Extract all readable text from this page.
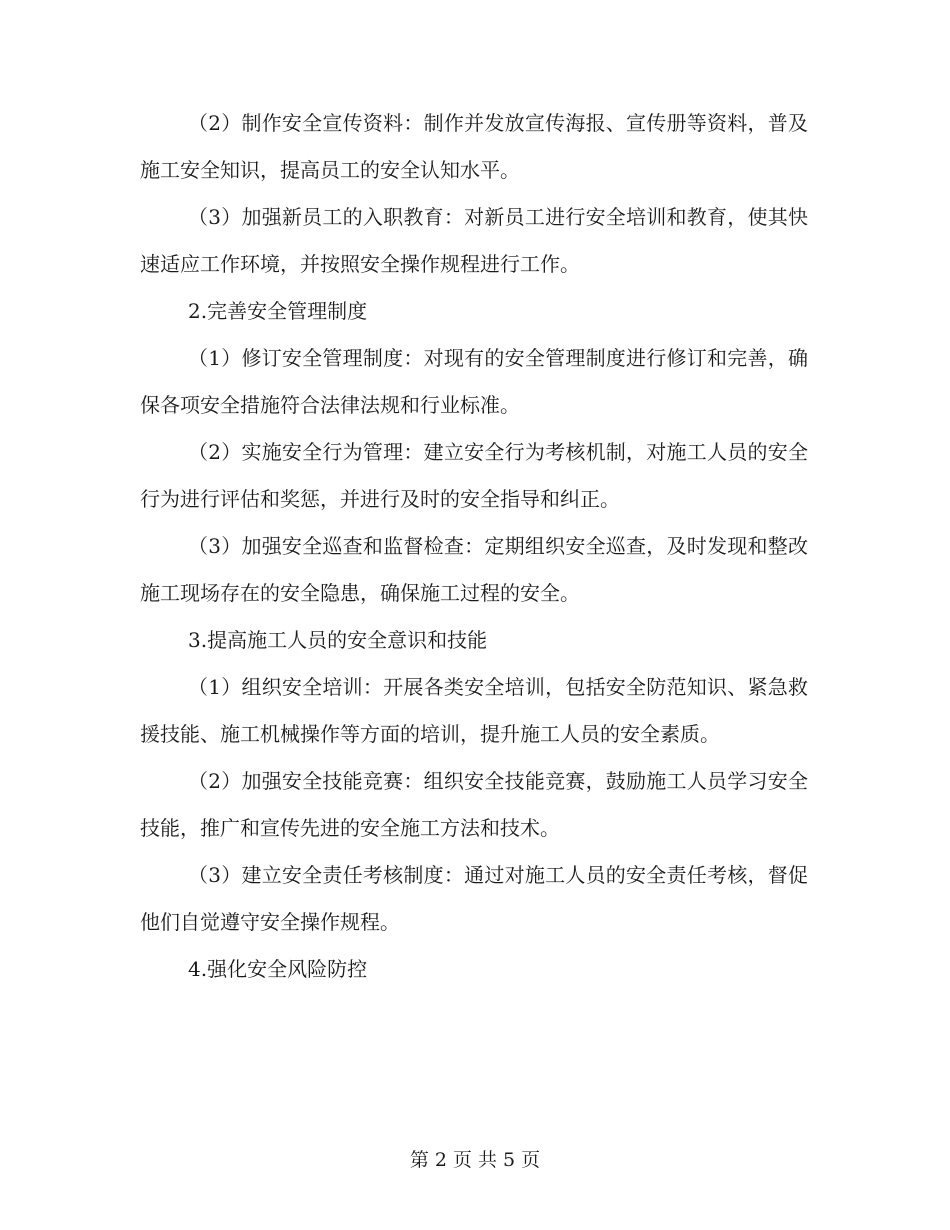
（2）制作安全宣传资料：制作并发放宣传海报、宣传册等资料，普及施工安全知识，提高员工的安全认知水平。

（3）加强新员工的入职教育：对新员工进行安全培训和教育，使其快速适应工作环境，并按照安全操作规程进行工作。

2.完善安全管理制度

（1）修订安全管理制度：对现有的安全管理制度进行修订和完善，确保各项安全措施符合法律法规和行业标准。

（2）实施安全行为管理：建立安全行为考核机制，对施工人员的安全行为进行评估和奖惩，并进行及时的安全指导和纠正。

（3）加强安全巡查和监督检查：定期组织安全巡查，及时发现和整改施工现场存在的安全隐患，确保施工过程的安全。

3.提高施工人员的安全意识和技能

（1）组织安全培训：开展各类安全培训，包括安全防范知识、紧急救援技能、施工机械操作等方面的培训，提升施工人员的安全素质。

（2）加强安全技能竞赛：组织安全技能竞赛，鼓励施工人员学习安全技能，推广和宣传先进的安全施工方法和技术。

（3）建立安全责任考核制度：通过对施工人员的安全责任考核，督促他们自觉遵守安全操作规程。

4.强化安全风险防控

第 2 页 共 5 页
